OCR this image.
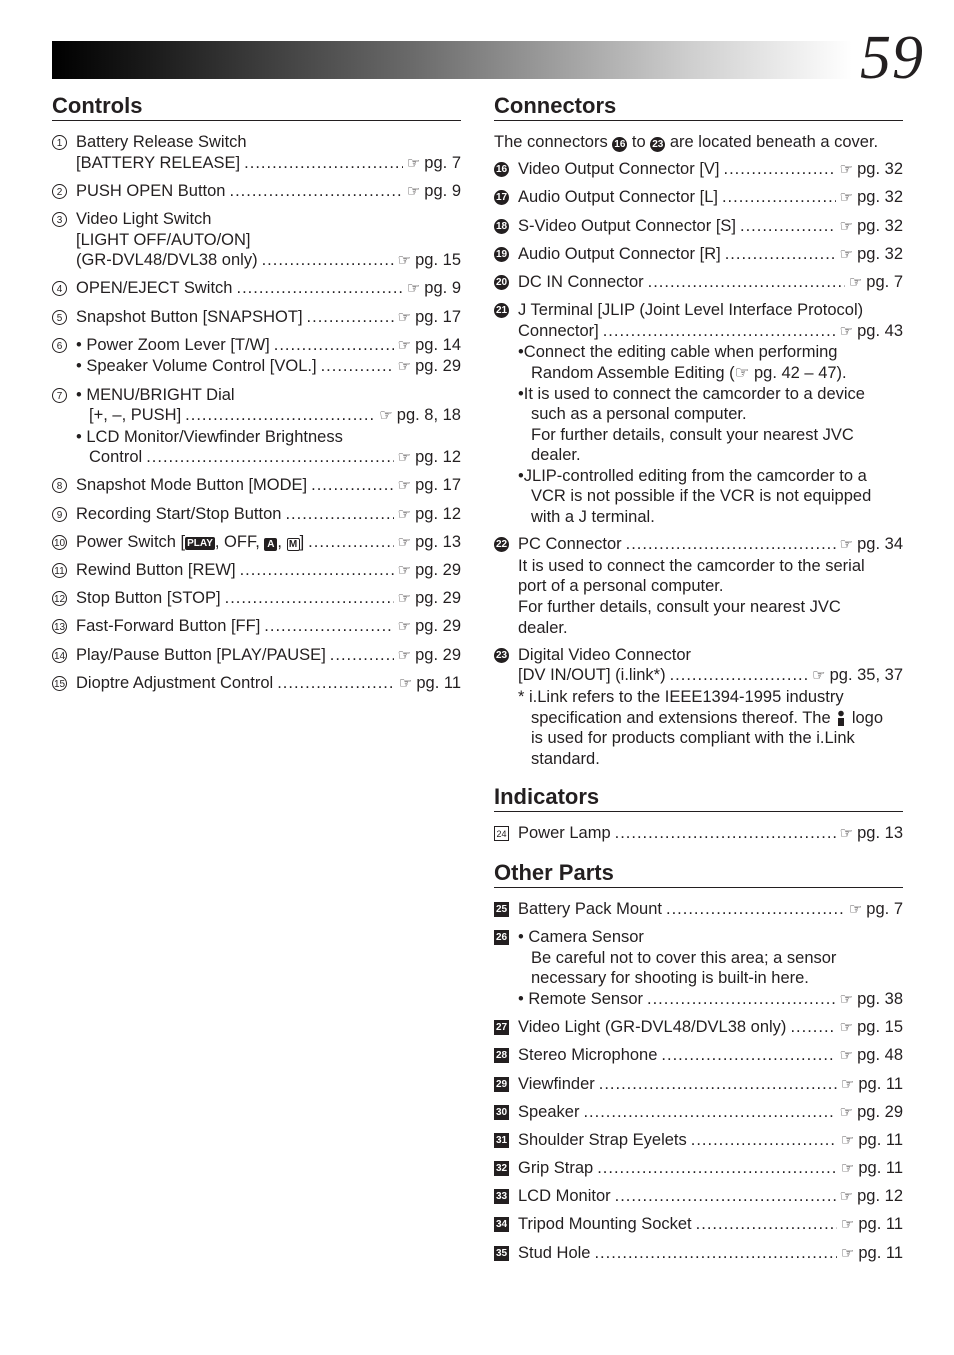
59
Controls
1 Battery Release Switch
[BATTERY RELEASE] .....	☞ pg. 7
2 PUSH OPEN Button .....	☞ pg. 9
3 Video Light Switch
[LIGHT OFF/AUTO/ON]
(GR-DVL48/DVL38 only) .....	☞ pg. 15
4 OPEN/EJECT Switch .....	☞ pg. 9
5 Snapshot Button [SNAPSHOT] .....	☞ pg. 17
6 • Power Zoom Lever [T/W] .....	☞ pg. 14
• Speaker Volume Control [VOL.] .....	☞ pg. 29
7 • MENU/BRIGHT Dial
[+, –, PUSH] .....	☞ pg. 8, 18
• LCD Monitor/Viewfinder Brightness
Control .....	☞ pg. 12
8 Snapshot Mode Button [MODE] .....	☞ pg. 17
9 Recording Start/Stop Button .....	☞ pg. 12
10 Power Switch [ PLAY , OFF, A , M ] .....	☞ pg. 13
11 Rewind Button [REW] .....	☞ pg. 29
12 Stop Button [STOP] .....	☞ pg. 29
13 Fast-Forward Button [FF] .....	☞ pg. 29
14 Play/Pause Button [PLAY/PAUSE] .....	☞ pg. 29
15 Dioptre Adjustment Control .....	☞ pg. 11
Connectors
The connectors 16 to 23 are located beneath a cover.
16 Video Output Connector [V] .....	☞ pg. 32
17 Audio Output Connector [L] .....	☞ pg. 32
18 S-Video Output Connector [S] .....	☞ pg. 32
19 Audio Output Connector [R] .....	☞ pg. 32
20 DC IN Connector .....	☞ pg. 7
21 J Terminal [JLIP (Joint Level Interface Protocol)
Connector] .....	☞ pg. 43
•Connect the editing cable when performing
Random Assemble Editing (☞ pg. 42 – 47).
•It is used to connect the camcorder to a device
such as a personal computer.
For further details, consult your nearest JVC
dealer.
•JLIP-controlled editing from the camcorder to a
VCR is not possible if the VCR is not equipped
with a J terminal.
22 PC Connector .....	☞ pg. 34
It is used to connect the camcorder to the serial
port of a personal computer.
For further details, consult your nearest JVC
dealer.
23 Digital Video Connector
[DV IN/OUT] (i.link*) .....	☞ pg. 35, 37
* i.Link refers to the IEEE1394-1995 industry
specification and extensions thereof. The logo
is used for products compliant with the i.Link
standard.
Indicators
24 Power Lamp .....	☞ pg. 13
Other Parts
25 Battery Pack Mount .....	☞ pg. 7
26 • Camera Sensor
Be careful not to cover this area; a sensor
necessary for shooting is built-in here.
• Remote Sensor .....	☞ pg. 38
27 Video Light (GR-DVL48/DVL38 only) .....	☞ pg. 15
28 Stereo Microphone .....	☞ pg. 48
29 Viewfinder .....	☞ pg. 11
30 Speaker .....	☞ pg. 29
31 Shoulder Strap Eyelets .....	☞ pg. 11
32 Grip Strap .....	☞ pg. 11
33 LCD Monitor .....	☞ pg. 12
34 Tripod Mounting Socket .....	☞ pg. 11
35 Stud Hole .....	☞ pg. 11
